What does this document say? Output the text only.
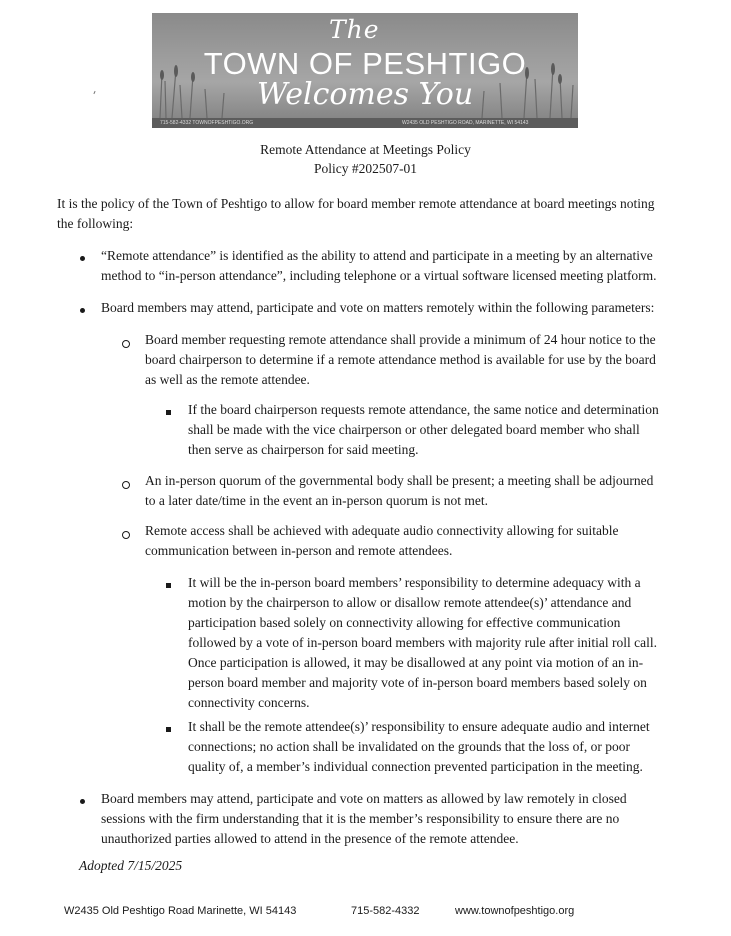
The
TOWN OF PESHTIGO
Welcomes You
715-582-4332 TOWNOFPESHTIGO.ORG	W2435 OLD PESHTIGO ROAD, MARINETTE, WI 54143
Remote Attendance at Meetings Policy
Policy #202507-01
It is the policy of the Town of Peshtigo to allow for board member remote attendance at board meetings noting
the following:
“Remote attendance” is identified as the ability to attend and participate in a meeting by an alternative
method to “in-person attendance”, including telephone or a virtual software licensed meeting platform.
Board members may attend, participate and vote on matters remotely within the following parameters:
Board member requesting remote attendance shall provide a minimum of 24 hour notice to the
board chairperson to determine if a remote attendance method is available for use by the board
as well as the remote attendee.
If the board chairperson requests remote attendance, the same notice and determination
shall be made with the vice chairperson or other delegated board member who shall
then serve as chairperson for said meeting.
An in-person quorum of the governmental body shall be present; a meeting shall be adjourned
to a later date/time in the event an in-person quorum is not met.
Remote access shall be achieved with adequate audio connectivity allowing for suitable
communication between in-person and remote attendees.
It will be the in-person board members’ responsibility to determine adequacy with a
motion by the chairperson to allow or disallow remote attendee(s)’ attendance and
participation based solely on connectivity allowing for effective communication
followed by a vote of in-person board members with majority rule after initial roll call.
Once participation is allowed, it may be disallowed at any point via motion of an in-
person board member and majority vote of in-person board members based solely on
connectivity concerns.
It shall be the remote attendee(s)’ responsibility to ensure adequate audio and internet
connections; no action shall be invalidated on the grounds that the loss of, or poor
quality of, a member’s individual connection prevented participation in the meeting.
Board members may attend, participate and vote on matters as allowed by law remotely in closed
sessions with the firm understanding that it is the member’s responsibility to ensure there are no
unauthorized parties allowed to attend in the presence of the remote attendee.
Adopted 7/15/2025
W2435 Old Peshtigo Road Marinette, WI 54143	715-582-4332	www.townofpeshtigo.org
